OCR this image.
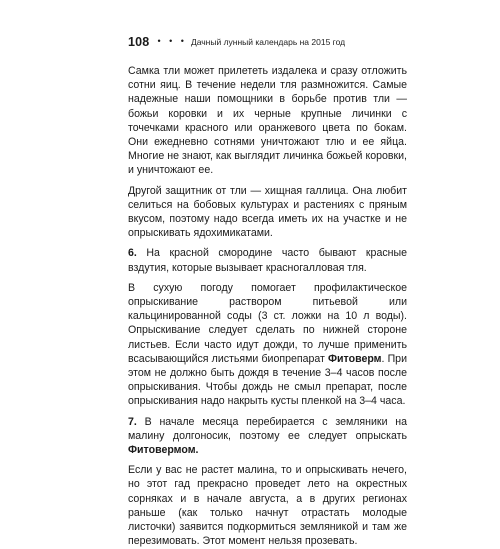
108 • • • Дачный лунный календарь на 2015 год

Самка тли может прилететь издалека и сразу отложить сотни яиц. В течение недели тля размножится. Самые надежные наши помощники в борьбе против тли — божьи коровки и их черные крупные личинки с точечками красного или оранжевого цвета по бокам. Они ежедневно сотнями уничтожают тлю и ее яйца. Многие не знают, как выглядит личинка божьей коровки, и уничтожают ее.

Другой защитник от тли — хищная галлица. Она любит селиться на бобовых культурах и растениях с пряным вкусом, поэтому надо всегда иметь их на участке и не опрыскивать ядохимикатами.

6. На красной смородине часто бывают красные вздутия, которые вызывает красногалловая тля.

В сухую погоду помогает профилактическое опрыскивание раствором питьевой или кальцинированной соды (3 ст. ложки на 10 л воды). Опрыскивание следует сделать по нижней стороне листьев. Если часто идут дожди, то лучше применить всасывающийся листьями биопрепарат Фитоверм. При этом не должно быть дождя в течение 3–4 часов после опрыскивания. Чтобы дождь не смыл препарат, после опрыскивания надо накрыть кусты пленкой на 3–4 часа.

7. В начале месяца перебирается с земляники на малину долгоносик, поэтому ее следует опрыскать Фитовермом.

Если у вас не растет малина, то и опрыскивать нечего, но этот гад прекрасно проведет лето на окрестных сорняках и в начале августа, а в других регионах раньше (как только начнут отрастать молодые листочки) заявится подкормиться земляникой и там же перезимовать. Этот момент нельзя прозевать.
